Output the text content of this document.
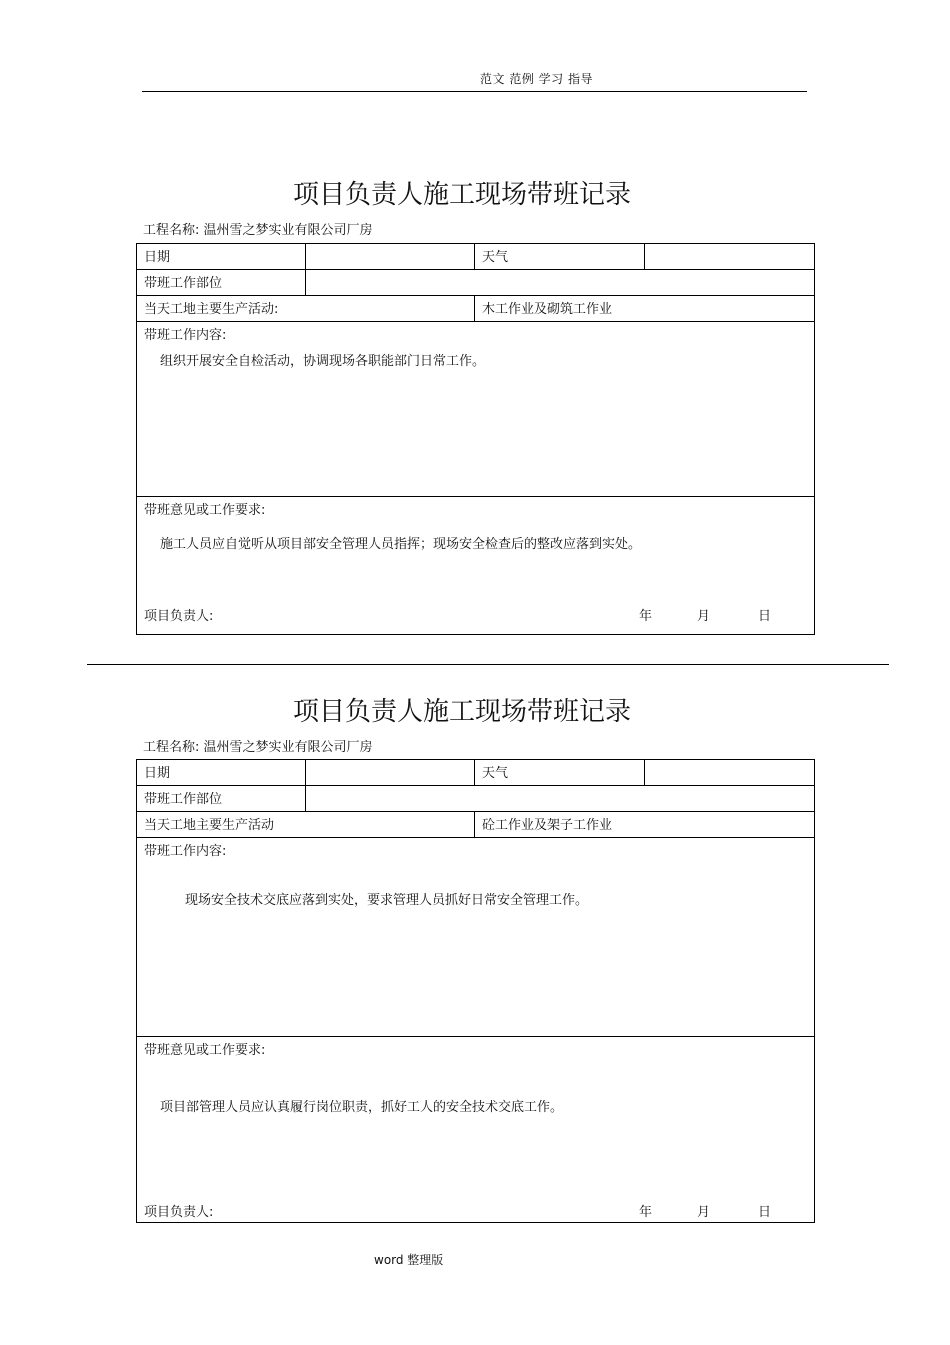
范文 范例 学习 指导
项目负责人施工现场带班记录
工程名称: 温州雪之梦实业有限公司厂房
日期		天气	
带班工作部位			
当天工地主要生产活动:		木工作业及砌筑工作业	

带班工作内容:
组织开展安全自检活动，协调现场各职能部门日常工作。			

带班意见或工作要求:
施工人员应自觉听从项目部安全管理人员指挥；现场安全检查后的整改应落到实处。
项目负责人: 年 月 日			
项目负责人施工现场带班记录
工程名称: 温州雪之梦实业有限公司厂房
日期		天气	
带班工作部位			
当天工地主要生产活动		砼工作业及架子工作业	

带班工作内容:
现场安全技术交底应落到实处，要求管理人员抓好日常安全管理工作。			

带班意见或工作要求:
项目部管理人员应认真履行岗位职责，抓好工人的安全技术交底工作。
项目负责人: 年 月 日			
word 整理版
